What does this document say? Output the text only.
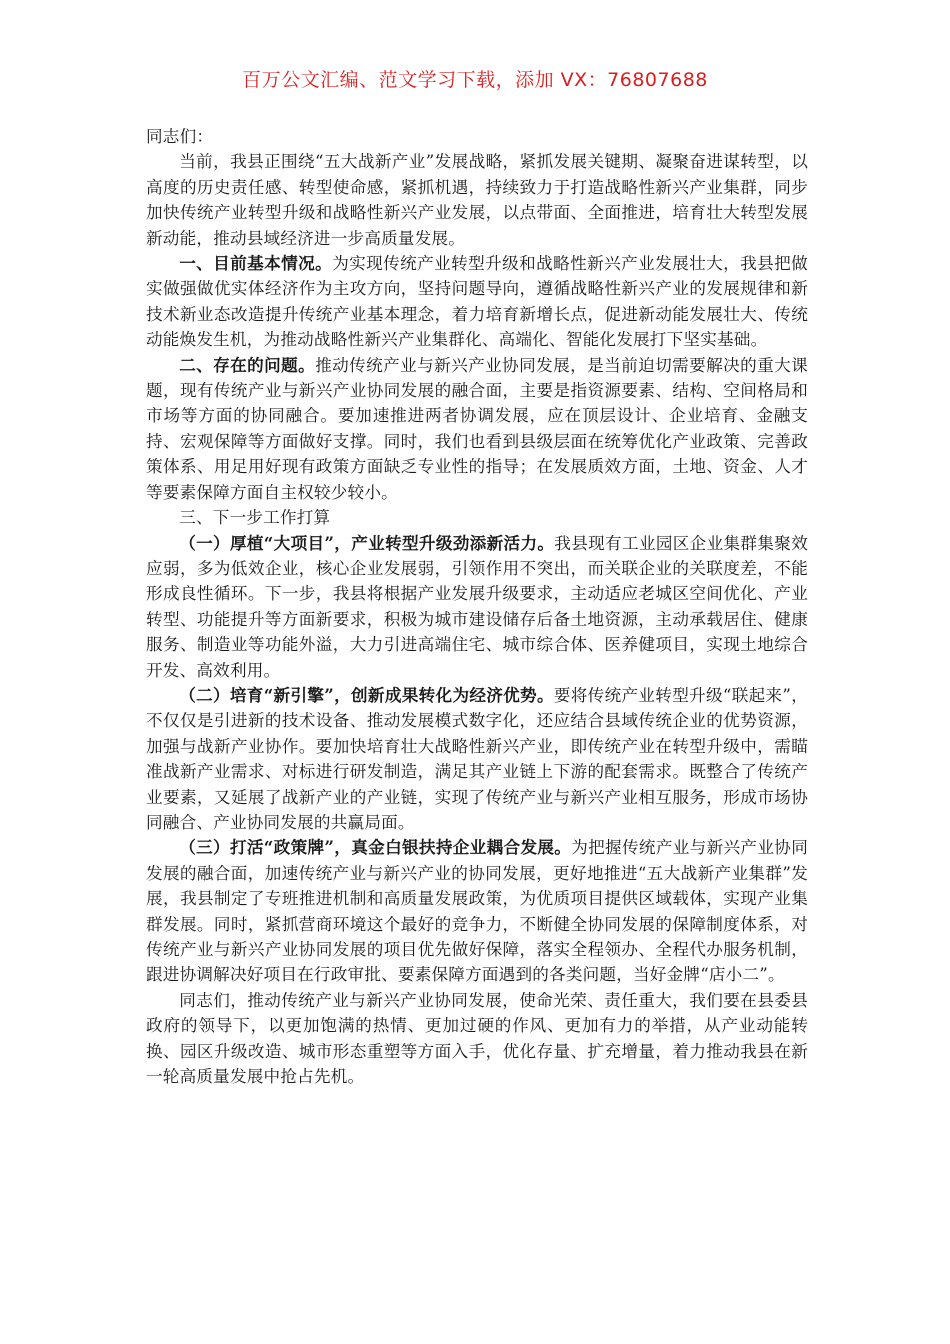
百万公文汇编、范文学习下载，添加 VX：76807688

同志们：

当前，我县正围绕“五大战新产业”发展战略，紧抓发展关键期、凝聚奋进谋转型，以高度的历史责任感、转型使命感，紧抓机遇，持续致力于打造战略性新兴产业集群，同步加快传统产业转型升级和战略性新兴产业发展，以点带面、全面推进，培育壮大转型发展新动能，推动县域经济进一步高质量发展。

一、目前基本情况。为实现传统产业转型升级和战略性新兴产业发展壮大，我县把做实做强做优实体经济作为主攻方向，坚持问题导向，遵循战略性新兴产业的发展规律和新技术新业态改造提升传统产业基本理念，着力培育新增长点，促进新动能发展壮大、传统动能焕发生机，为推动战略性新兴产业集群化、高端化、智能化发展打下坚实基础。

二、存在的问题。推动传统产业与新兴产业协同发展，是当前迫切需要解决的重大课题，现有传统产业与新兴产业协同发展的融合面，主要是指资源要素、结构、空间格局和市场等方面的协同融合。要加速推进两者协调发展，应在顶层设计、企业培育、金融支持、宏观保障等方面做好支撑。同时，我们也看到县级层面在统筹优化产业政策、完善政策体系、用足用好现有政策方面缺乏专业性的指导；在发展质效方面，土地、资金、人才等要素保障方面自主权较少较小。

三、下一步工作打算

（一）厚植“大项目”，产业转型升级劲添新活力。我县现有工业园区企业集群集聚效应弱，多为低效企业，核心企业发展弱，引领作用不突出，而关联企业的关联度差，不能形成良性循环。下一步，我县将根据产业发展升级要求，主动适应老城区空间优化、产业转型、功能提升等方面新要求，积极为城市建设储存后备土地资源，主动承载居住、健康服务、制造业等功能外溢，大力引进高端住宅、城市综合体、医养健项目，实现土地综合开发、高效利用。

（二）培育“新引擎”，创新成果转化为经济优势。要将传统产业转型升级“联起来”，不仅仅是引进新的技术设备、推动发展模式数字化，还应结合县域传统企业的优势资源，加强与战新产业协作。要加快培育壮大战略性新兴产业，即传统产业在转型升级中，需瞄准战新产业需求、对标进行研发制造，满足其产业链上下游的配套需求。既整合了传统产业要素，又延展了战新产业的产业链，实现了传统产业与新兴产业相互服务，形成市场协同融合、产业协同发展的共赢局面。

（三）打活“政策牌”，真金白银扶持企业耦合发展。为把握传统产业与新兴产业协同发展的融合面，加速传统产业与新兴产业的协同发展，更好地推进“五大战新产业集群”发展，我县制定了专班推进机制和高质量发展政策，为优质项目提供区域载体，实现产业集群发展。同时，紧抓营商环境这个最好的竞争力，不断健全协同发展的保障制度体系，对传统产业与新兴产业协同发展的项目优先做好保障，落实全程领办、全程代办服务机制，跟进协调解决好项目在行政审批、要素保障方面遇到的各类问题，当好金牌“店小二”。

同志们，推动传统产业与新兴产业协同发展，使命光荣、责任重大，我们要在县委县政府的领导下，以更加饱满的热情、更加过硬的作风、更加有力的举措，从产业动能转换、园区升级改造、城市形态重塑等方面入手，优化存量、扩充增量，着力推动我县在新一轮高质量发展中抢占先机。
